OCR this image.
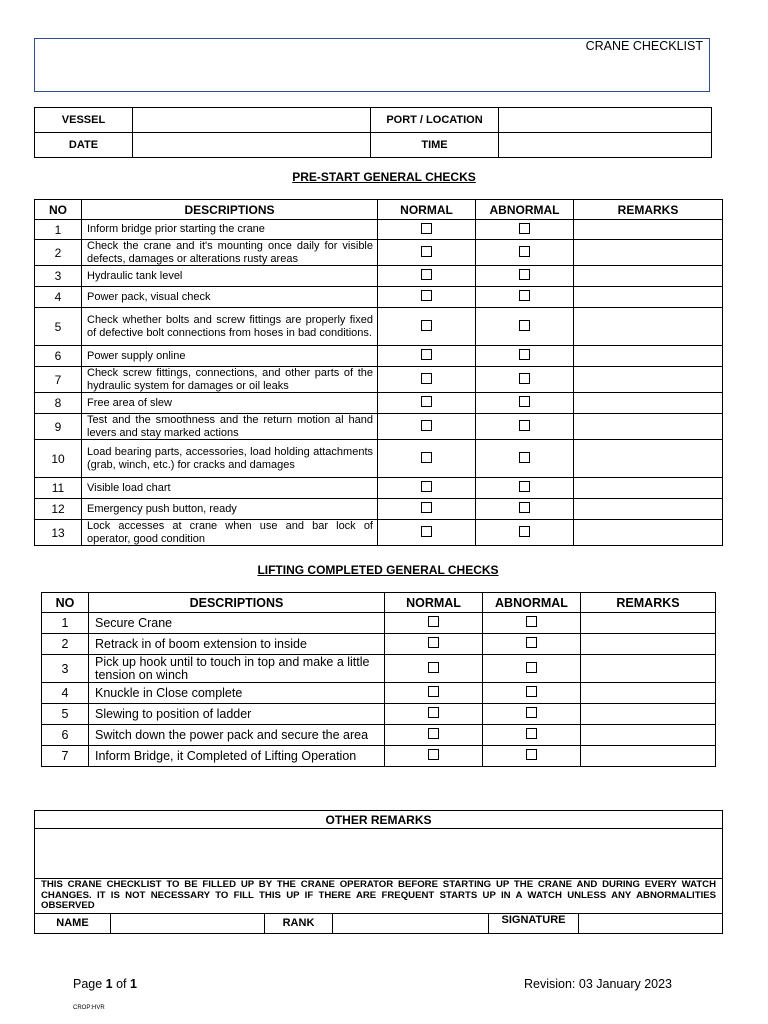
CRANE CHECKLIST
VESSEL		PORT / LOCATION	
DATE		TIME	
PRE-START GENERAL CHECKS
NO	DESCRIPTIONS	NORMAL	ABNORMAL	REMARKS
1	Inform bridge prior starting the crane			
2	Check the crane and it's mounting once daily for visible defects, damages or alterations rusty areas			
3	Hydraulic tank level			
4	Power pack, visual check			
5	Check whether bolts and screw fittings are properly fixed of defective bolt connections from hoses in bad conditions.			
6	Power supply online			
7	Check screw fittings, connections, and other parts of the hydraulic system for damages or oil leaks			
8	Free area of slew			
9	Test and the smoothness and the return motion al hand levers and stay marked actions			
10	Load bearing parts, accessories, load holding attachments (grab, winch, etc.) for cracks and damages			
11	Visible load chart			
12	Emergency push button, ready			
13	Lock accesses at crane when use and bar lock of operator, good condition			
LIFTING COMPLETED GENERAL CHECKS
NO	DESCRIPTIONS	NORMAL	ABNORMAL	REMARKS
1	Secure Crane			
2	Retrack in of boom extension to inside			
3	Pick up hook until to touch in top and make a little tension on winch			
4	Knuckle in Close complete			
5	Slewing to position of ladder			
6	Switch down the power pack and secure the area			
7	Inform Bridge, it Completed of Lifting Operation			
OTHER REMARKS

THIS CRANE CHECKLIST TO BE FILLED UP BY THE CRANE OPERATOR BEFORE STARTING UP THE CRANE AND DURING EVERY WATCH CHANGES. IT IS NOT NECESSARY TO FILL THIS UP IF THERE ARE FREQUENT STARTS UP IN A WATCH UNLESS ANY ABNORMALITIES OBSERVED
NAME		RANK		SIGNATURE	
Page 1 of 1	Revision: 03 January 2023
CROP:HVR
